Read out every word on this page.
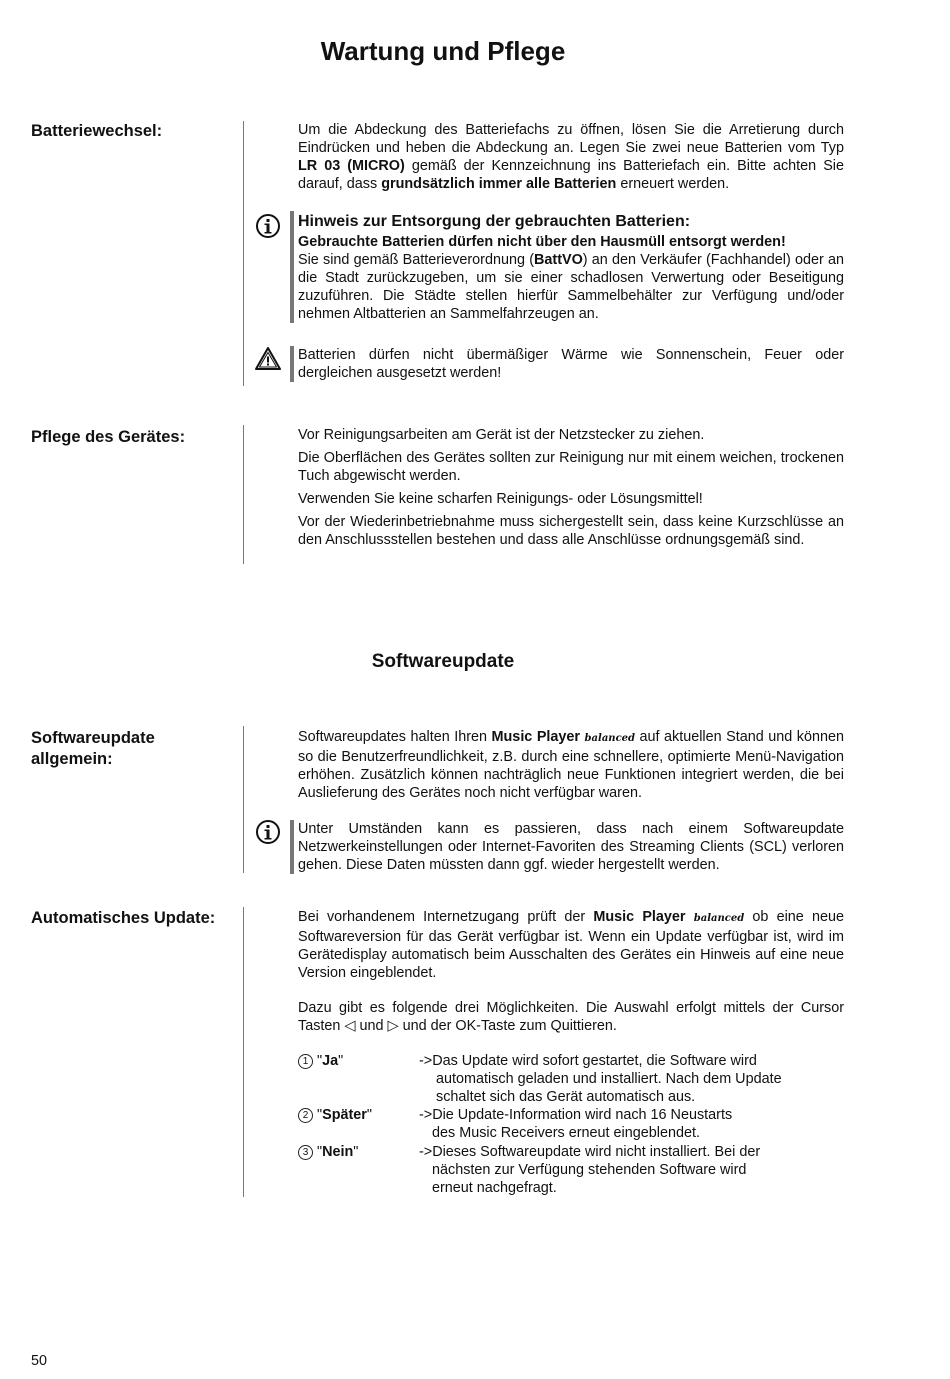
Wartung und Pflege
Batteriewechsel:	Um die Abdeckung des Batteriefachs zu öffnen, lösen Sie die Arretierung durch Eindrücken und heben die Abdeckung an. Legen Sie zwei neue Batterien vom Typ LR 03 (MICRO) gemäß der Kennzeichnung ins Batteriefach ein. Bitte achten Sie darauf, dass grundsätzlich immer alle Batterien erneuert werden.

Hinweis zur Entsorgung der gebrauchten Batterien:

Gebrauchte Batterien dürfen nicht über den Hausmüll entsorgt werden!

Sie sind gemäß Batterieverordnung (BattVO) an den Verkäufer (Fachhandel) oder an die Stadt zurückzugeben, um sie einer schadlosen Verwertung oder Beseitigung zuzuführen. Die Städte stellen hierfür Sammelbehälter zur Verfügung und/oder nehmen Altbatterien an Sammelfahrzeugen an.

Batterien dürfen nicht übermäßiger Wärme wie Sonnenschein, Feuer oder dergleichen ausgesetzt werden!

Pflege des Gerätes:	Vor Reinigungsarbeiten am Gerät ist der Netzstecker zu ziehen.

Die Oberflächen des Gerätes sollten zur Reinigung nur mit einem weichen, trockenen Tuch abgewischt werden.

Verwenden Sie keine scharfen Reinigungs- oder Lösungsmittel!

Vor der Wiederinbetriebnahme muss sichergestellt sein, dass keine Kurzschlüsse an den Anschlussstellen bestehen und dass alle Anschlüsse ordnungsgemäß sind.

Softwareupdate
Softwareupdate
allgemein:

Softwareupdates halten Ihren Music Player balanced auf aktuellen Stand und können so die Benutzerfreundlichkeit, z.B. durch eine schnellere, optimierte Menü-Navigation erhöhen. Zusätzlich können nachträglich neue Funktionen integriert werden, die bei Auslieferung des Gerätes noch nicht verfügbar waren.

Unter Umständen kann es passieren, dass nach einem Softwareupdate Netzwerkeinstellungen oder Internet-Favoriten des Streaming Clients (SCL) verloren gehen. Diese Daten müssten dann ggf. wieder hergestellt werden.

Automatisches Update:	Bei vorhandenem Internetzugang prüft der Music Player balanced ob eine neue Softwareversion für das Gerät verfügbar ist. Wenn ein Update verfügbar ist, wird im Gerätedisplay automatisch beim Ausschalten des Gerätes ein Hinweis auf eine neue Version eingeblendet.

Dazu gibt es folgende drei Möglichkeiten. Die Auswahl erfolgt mittels der Cursor Tasten ◁ und ▷ und der OK-Taste zum Quittieren.

1 "Ja"	->Das Update wird sofort gestartet, die Software wird
automatisch geladen und installiert. Nach dem Update
schaltet sich das Gerät automatisch aus.
2 "Später"	->Die Update-Information wird nach 16 Neustarts
des Music Receivers erneut eingeblendet.
3 "Nein"	->Dieses Softwareupdate wird nicht installiert. Bei der
nächsten zur Verfügung stehenden Software wird
erneut nachgefragt.
50
